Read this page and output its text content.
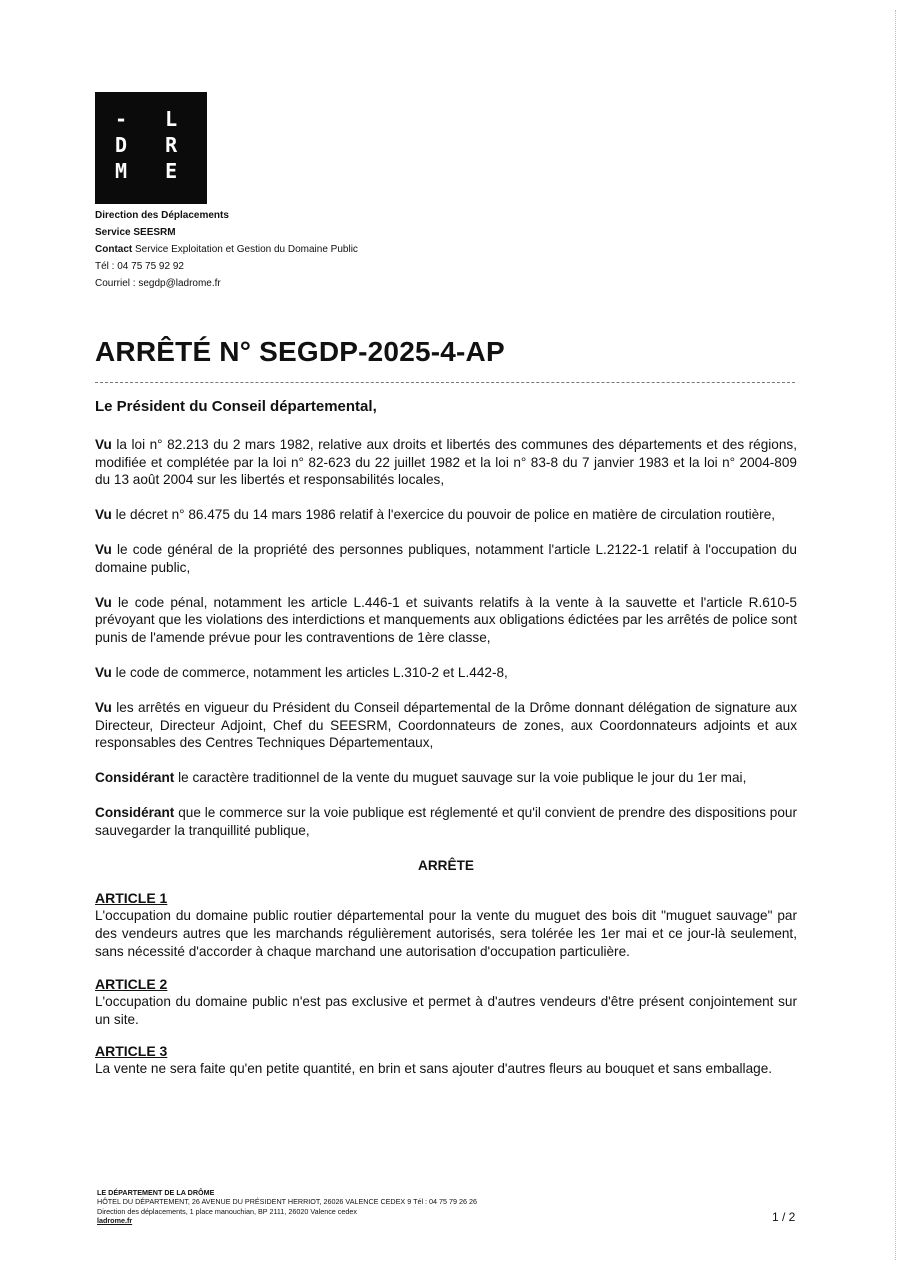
- L A
D R O
M E -
Direction des Déplacements
Service SEESRM
Contact Service Exploitation et Gestion du Domaine Public
Tél : 04 75 75 92 92
Courriel : segdp@ladrome.fr
ARRÊTÉ N° SEGDP-2025-4-AP

Le Président du Conseil départemental,

Vu la loi n° 82.213 du 2 mars 1982, relative aux droits et libertés des communes des départements et des régions, modifiée et complétée par la loi n° 82-623 du 22 juillet 1982 et la loi n° 83-8 du 7 janvier 1983 et la loi n° 2004-809 du 13 août 2004 sur les libertés et responsabilités locales,

Vu le décret n° 86.475 du 14 mars 1986 relatif à l'exercice du pouvoir de police en matière de circulation routière,

Vu le code général de la propriété des personnes publiques, notamment l'article L.2122-1 relatif à l'occupation du domaine public,

Vu le code pénal, notamment les article L.446-1 et suivants relatifs à la vente à la sauvette et l'article R.610-5 prévoyant que les violations des interdictions et manquements aux obligations édictées par les arrêtés de police sont punis de l'amende prévue pour les contraventions de 1ère classe,

Vu le code de commerce, notamment les articles L.310-2 et L.442-8,

Vu les arrêtés en vigueur du Président du Conseil départemental de la Drôme donnant délégation de signature aux Directeur, Directeur Adjoint, Chef du SEESRM, Coordonnateurs de zones, aux Coordonnateurs adjoints et aux responsables des Centres Techniques Départementaux,

Considérant le caractère traditionnel de la vente du muguet sauvage sur la voie publique le jour du 1er mai,

Considérant que le commerce sur la voie publique est réglementé et qu'il convient de prendre des dispositions pour sauvegarder la tranquillité publique,

ARRÊTE

ARTICLE 1
L'occupation du domaine public routier départemental pour la vente du muguet des bois dit "muguet sauvage" par des vendeurs autres que les marchands régulièrement autorisés, sera tolérée les 1er mai et ce jour-là seulement, sans nécessité d'accorder à chaque marchand une autorisation d'occupation particulière.

ARTICLE 2
L'occupation du domaine public n'est pas exclusive et permet à d'autres vendeurs d'être présent conjointement sur un site.

ARTICLE 3
La vente ne sera faite qu'en petite quantité, en brin et sans ajouter d'autres fleurs au bouquet et sans emballage.

LE DÉPARTEMENT DE LA DRÔME
HÔTEL DU DÉPARTEMENT, 26 AVENUE DU PRÉSIDENT HERRIOT, 26026 VALENCE CEDEX 9 Tél : 04 75 79 26 26
Direction des déplacements, 1 place manouchian, BP 2111, 26020 Valence cedex
ladrome.fr	1 / 2
